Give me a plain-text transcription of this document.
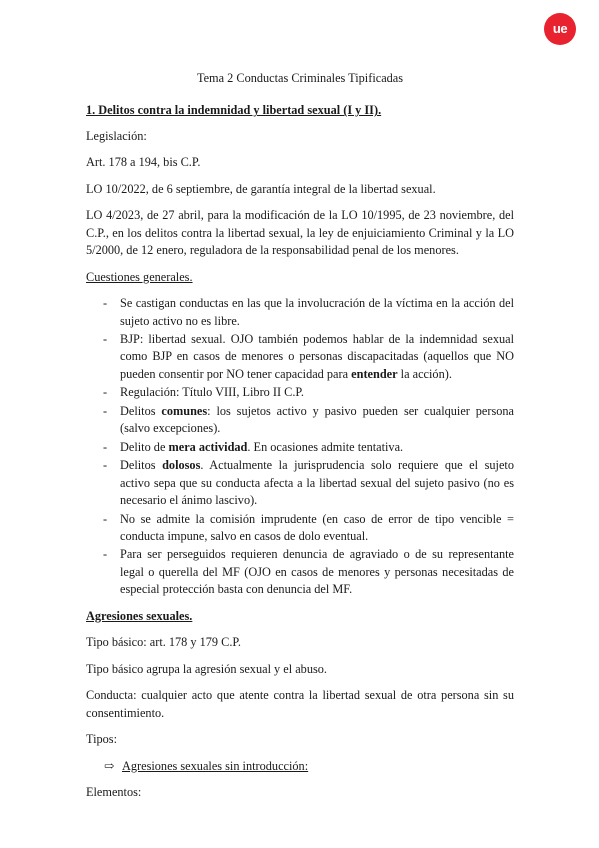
ue

Tema 2 Conductas Criminales Tipificadas

1. Delitos contra la indemnidad y libertad sexual (I y II).

Legislación:

Art. 178 a 194, bis C.P.

LO 10/2022, de 6 septiembre, de garantía integral de la libertad sexual.

LO 4/2023, de 27 abril, para la modificación de la LO 10/1995, de 23 noviembre, del C.P., en los delitos contra la libertad sexual, la ley de enjuiciamiento Criminal y la LO 5/2000, de 12 enero, reguladora de la responsabilidad penal de los menores.

Cuestiones generales.

- Se castigan conductas en las que la involucración de la víctima en la acción del sujeto activo no es libre.
- BJP: libertad sexual. OJO también podemos hablar de la indemnidad sexual como BJP en casos de menores o personas discapacitadas (aquellos que NO pueden consentir por NO tener capacidad para entender la acción).
- Regulación: Título VIII, Libro II C.P.
- Delitos comunes: los sujetos activo y pasivo pueden ser cualquier persona (salvo excepciones).
- Delito de mera actividad. En ocasiones admite tentativa.
- Delitos dolosos. Actualmente la jurisprudencia solo requiere que el sujeto activo sepa que su conducta afecta a la libertad sexual del sujeto pasivo (no es necesario el ánimo lascivo).
- No se admite la comisión imprudente (en caso de error de tipo vencible = conducta impune, salvo en casos de dolo eventual.
- Para ser perseguidos requieren denuncia de agraviado o de su representante legal o querella del MF (OJO en casos de menores y personas necesitadas de especial protección basta con denuncia del MF.

Agresiones sexuales.

Tipo básico: art. 178 y 179 C.P.

Tipo básico agrupa la agresión sexual y el abuso.

Conducta: cualquier acto que atente contra la libertad sexual de otra persona sin su consentimiento.

Tipos:

⇨ Agresiones sexuales sin introducción:

Elementos:
